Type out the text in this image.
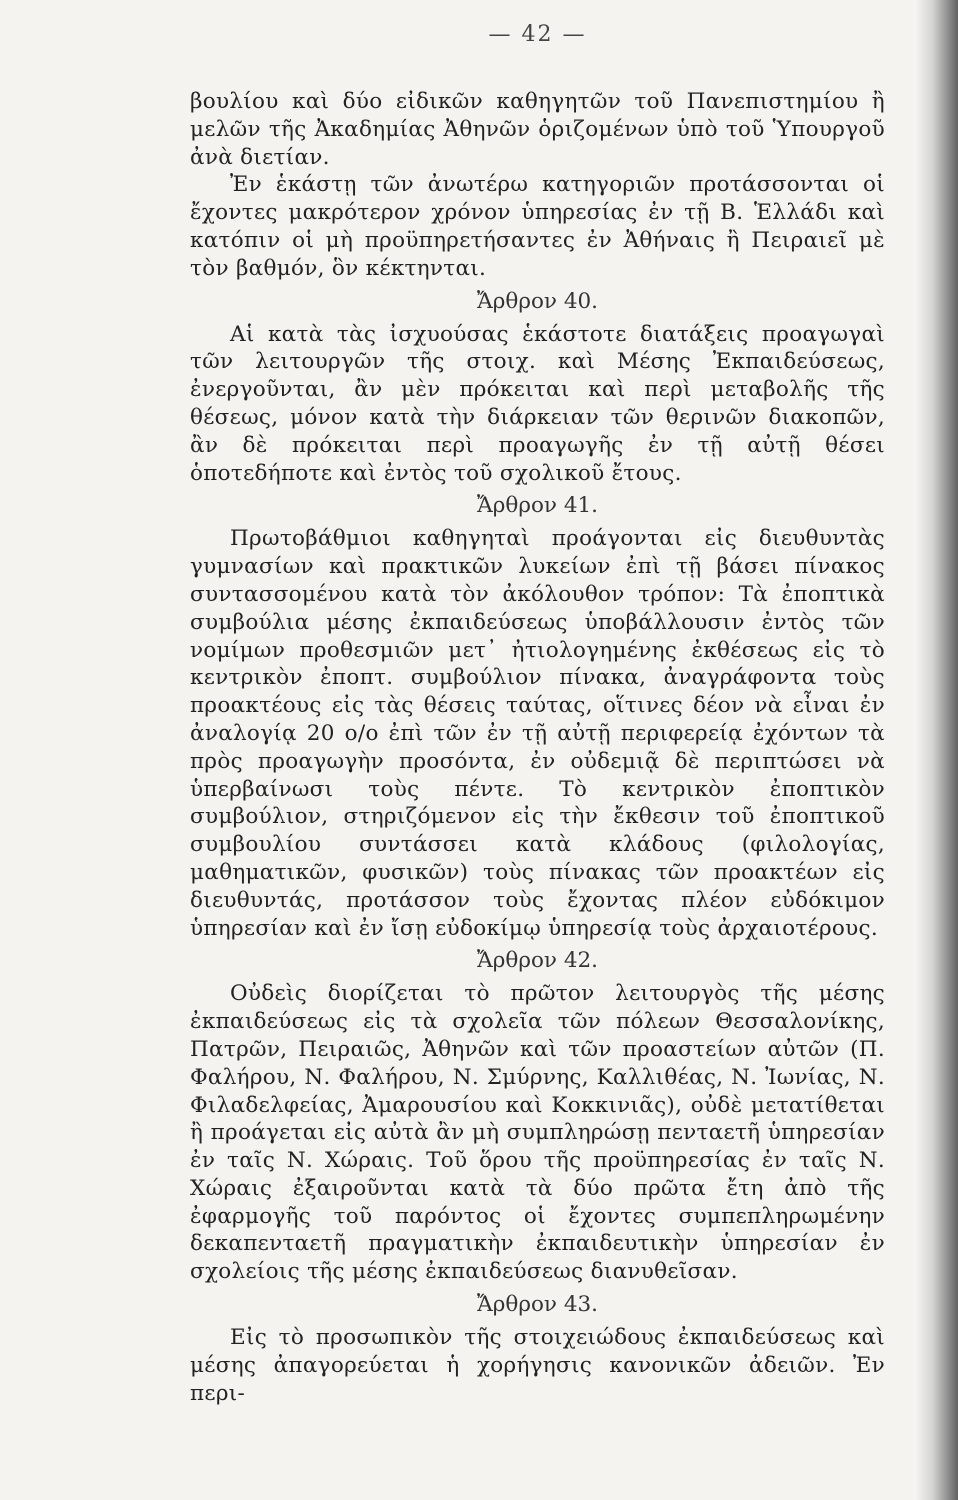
— 42 —

βουλίου καὶ δύο εἰδικῶν καθηγητῶν τοῦ Πανεπιστημίου ἢ μελῶν τῆς Ἀκαδημίας Ἀθηνῶν ὁριζομένων ὑπὸ τοῦ Ὑπουργοῦ ἀνὰ διετίαν.

Ἐν ἑκάστῃ τῶν ἀνωτέρω κατηγοριῶν προτάσσονται οἱ ἔχοντες μακρότερον χρόνον ὑπηρεσίας ἐν τῇ Β. Ἑλλάδι καὶ κατόπιν οἱ μὴ προϋπηρετήσαντες ἐν Ἀθήναις ἢ Πειραιεῖ μὲ τὸν βαθμόν, ὃν κέκτηνται.

Ἄρθρον 40.

Αἱ κατὰ τὰς ἰσχυούσας ἑκάστοτε διατάξεις προαγωγαὶ τῶν λειτουργῶν τῆς στοιχ. καὶ Μέσης Ἐκπαιδεύσεως, ἐνεργοῦνται, ἂν μὲν πρόκειται καὶ περὶ μεταβολῆς τῆς θέσεως, μόνον κατὰ τὴν διάρκειαν τῶν θερινῶν διακοπῶν, ἂν δὲ πρόκειται περὶ προαγωγῆς ἐν τῇ αὐτῇ θέσει ὁποτεδήποτε καὶ ἐντὸς τοῦ σχολικοῦ ἔτους.

Ἄρθρον 41.

Πρωτοβάθμιοι καθηγηταὶ προάγονται εἰς διευθυντὰς γυμνασίων καὶ πρακτικῶν λυκείων ἐπὶ τῇ βάσει πίνακος συντασσομένου κατὰ τὸν ἀκόλουθον τρόπον: Τὰ ἐποπτικὰ συμβούλια μέσης ἐκπαιδεύσεως ὑποβάλλουσιν ἐντὸς τῶν νομίμων προθεσμιῶν μετ᾽ ἠτιολογημένης ἐκθέσεως εἰς τὸ κεντρικὸν ἐποπτ. συμβούλιον πίνακα, ἀναγράφοντα τοὺς προακτέους εἰς τὰς θέσεις ταύτας, οἵτινες δέον νὰ εἶναι ἐν ἀναλογίᾳ 20 ο/ο ἐπὶ τῶν ἐν τῇ αὐτῇ περιφερείᾳ ἐχόντων τὰ πρὸς προαγωγὴν προσόντα, ἐν οὐδεμιᾷ δὲ περιπτώσει νὰ ὑπερβαίνωσι τοὺς πέντε. Τὸ κεντρικὸν ἐποπτικὸν συμβούλιον, στηριζόμενον εἰς τὴν ἔκθεσιν τοῦ ἐποπτικοῦ συμβουλίου συντάσσει κατὰ κλάδους (φιλολογίας, μαθηματικῶν, φυσικῶν) τοὺς πίνακας τῶν προακτέων εἰς διευθυντάς, προτάσσον τοὺς ἔχοντας πλέον εὐδόκιμον ὑπηρεσίαν καὶ ἐν ἴσῃ εὐδοκίμῳ ὑπηρεσίᾳ τοὺς ἀρχαιοτέρους.

Ἄρθρον 42.

Οὐδεὶς διορίζεται τὸ πρῶτον λειτουργὸς τῆς μέσης ἐκπαιδεύσεως εἰς τὰ σχολεῖα τῶν πόλεων Θεσσαλονίκης, Πατρῶν, Πειραιῶς, Ἀθηνῶν καὶ τῶν προαστείων αὐτῶν (Π. Φαλήρου, Ν. Φαλήρου, Ν. Σμύρνης, Καλλιθέας, Ν. Ἰωνίας, Ν. Φιλαδελφείας, Ἀμαρουσίου καὶ Κοκκινιᾶς), οὐδὲ μετατίθεται ἢ προάγεται εἰς αὐτὰ ἂν μὴ συμπληρώσῃ πενταετῆ ὑπηρεσίαν ἐν ταῖς Ν. Χώραις. Τοῦ ὅρου τῆς προϋπηρεσίας ἐν ταῖς Ν. Χώραις ἐξαιροῦνται κατὰ τὰ δύο πρῶτα ἔτη ἀπὸ τῆς ἐφαρμογῆς τοῦ παρόντος οἱ ἔχοντες συμπεπληρωμένην δεκαπενταετῆ πραγματικὴν ἐκπαιδευτικὴν ὑπηρεσίαν ἐν σχολείοις τῆς μέσης ἐκπαιδεύσεως διανυθεῖσαν.

Ἄρθρον 43.

Εἰς τὸ προσωπικὸν τῆς στοιχειώδους ἐκπαιδεύσεως καὶ μέσης ἀπαγορεύεται ἡ χορήγησις κανονικῶν ἀδειῶν. Ἐν περι-
